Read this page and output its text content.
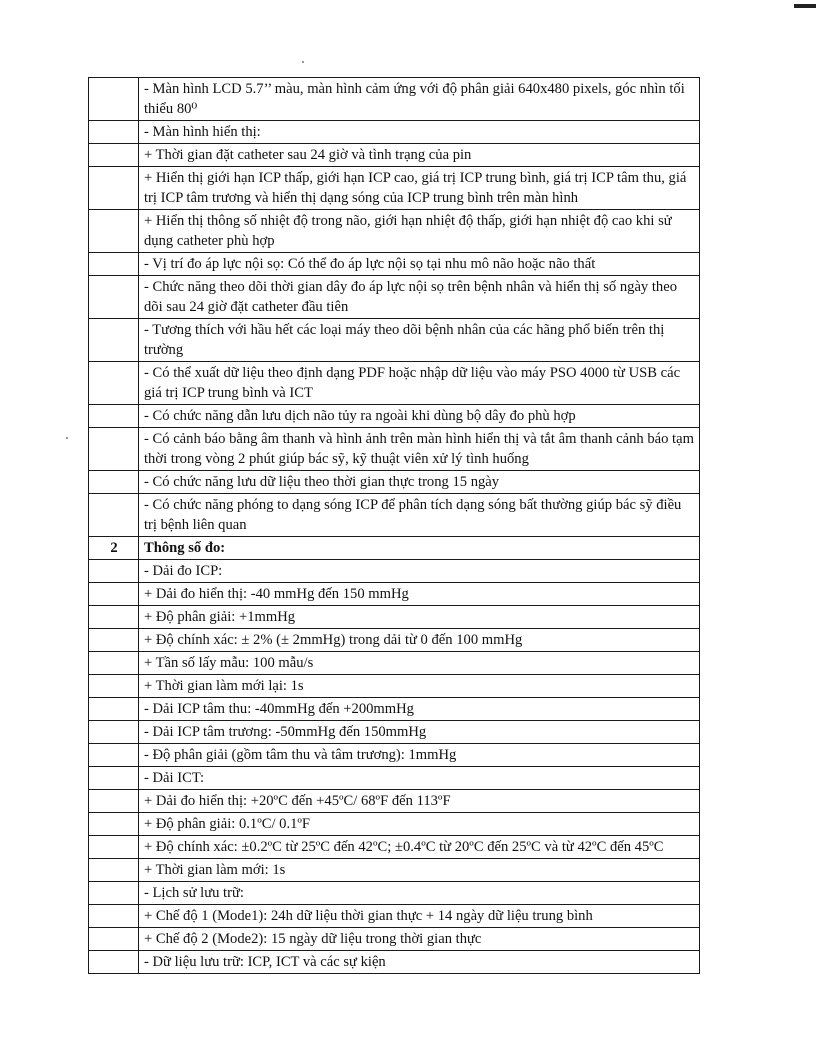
	- Màn hình LCD 5.7’’ màu, màn hình cảm ứng với độ phân giải 640x480 pixels, góc nhìn tối thiểu 80⁰
	- Màn hình hiển thị:
	+ Thời gian đặt catheter sau 24 giờ và tình trạng của pin
	+ Hiển thị giới hạn ICP thấp, giới hạn ICP cao, giá trị ICP trung bình, giá trị ICP tâm thu, giá trị ICP tâm trương và hiển thị dạng sóng của ICP trung bình trên màn hình
	+ Hiển thị thông số nhiệt độ trong não, giới hạn nhiệt độ thấp, giới hạn nhiệt độ cao khi sử dụng catheter phù hợp
	- Vị trí đo áp lực nội sọ: Có thể đo áp lực nội sọ tại nhu mô não hoặc não thất
	- Chức năng theo dõi thời gian dây đo áp lực nội sọ trên bệnh nhân và hiển thị số ngày theo dõi sau 24 giờ đặt catheter đầu tiên
	- Tương thích với hầu hết các loại máy theo dõi bệnh nhân của các hãng phổ biến trên thị trường
	- Có thể xuất dữ liệu theo định dạng PDF hoặc nhập dữ liệu vào máy PSO 4000 từ USB các giá trị ICP trung bình và ICT
	- Có chức năng dẫn lưu dịch não tủy ra ngoài khi dùng bộ dây đo phù hợp
	- Có cảnh báo bằng âm thanh và hình ảnh trên màn hình hiển thị và tắt âm thanh cảnh báo tạm thời trong vòng 2 phút giúp bác sỹ, kỹ thuật viên xử lý tình huống
	- Có chức năng lưu dữ liệu theo thời gian thực trong 15 ngày
	- Có chức năng phóng to dạng sóng ICP để phân tích dạng sóng bất thường giúp bác sỹ điều trị bệnh liên quan
2	Thông số đo:
	- Dải đo ICP:
	+ Dải đo hiển thị: -40 mmHg đến 150 mmHg
	+ Độ phân giải: +1mmHg
	+ Độ chính xác: ± 2% (± 2mmHg) trong dải từ 0 đến 100 mmHg
	+ Tần số lấy mẫu: 100 mẫu/s
	+ Thời gian làm mới lại: 1s
	- Dải ICP tâm thu: -40mmHg đến +200mmHg
	- Dải ICP tâm trương: -50mmHg đến 150mmHg
	- Độ phân giải (gồm tâm thu và tâm trương): 1mmHg
	- Dải ICT:
	+ Dải đo hiển thị: +20ºC đến +45ºC/ 68ºF đến 113ºF
	+ Độ phân giải: 0.1ºC/ 0.1ºF
	+ Độ chính xác: ±0.2ºC từ 25ºC đến 42ºC; ±0.4ºC từ 20ºC đến 25ºC và từ 42ºC đến 45ºC
	+ Thời gian làm mới: 1s
	- Lịch sử lưu trữ:
	+ Chế độ 1 (Mode1): 24h dữ liệu thời gian thực + 14 ngày dữ liệu trung bình
	+ Chế độ 2 (Mode2): 15 ngày dữ liệu trong thời gian thực
	- Dữ liệu lưu trữ: ICP, ICT và các sự kiện
